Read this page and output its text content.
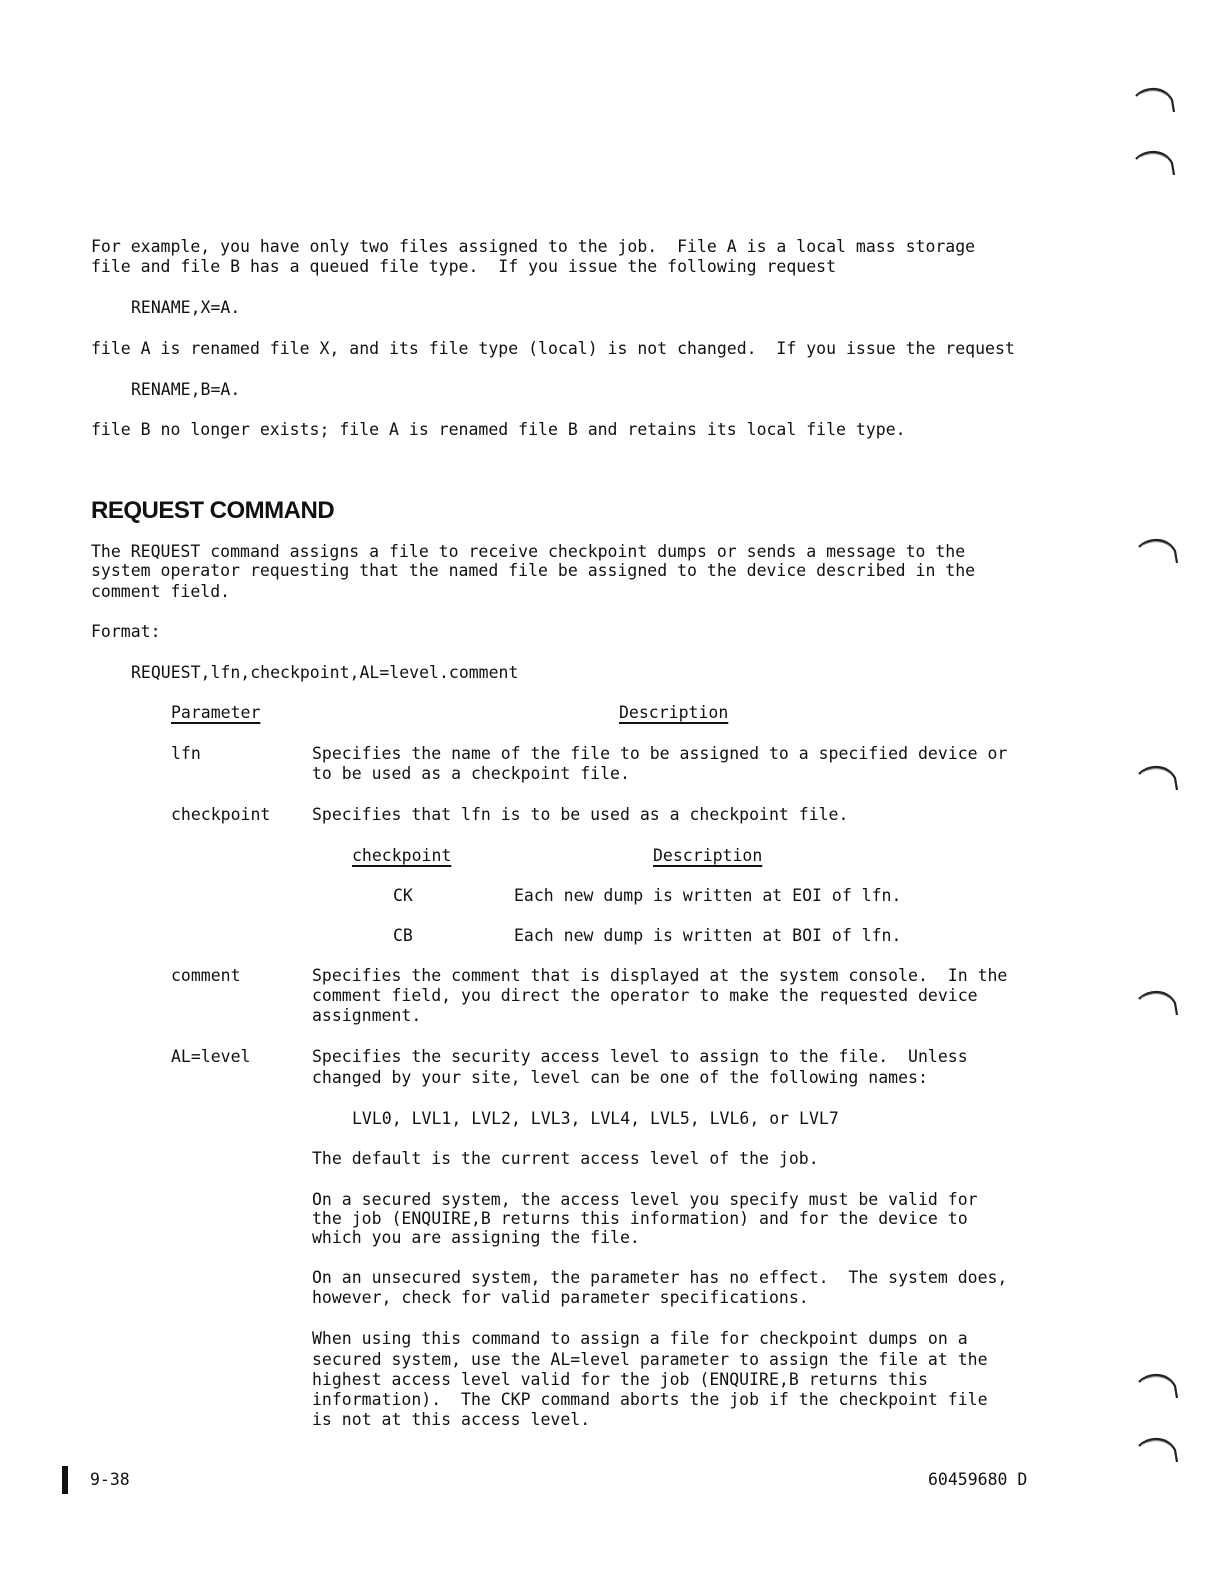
For example, you have only two files assigned to the job.  File A is a local mass storage

file and file B has a queued file type.  If you issue the following request

RENAME,X=A.

file A is renamed file X, and its file type (local) is not changed.  If you issue the request

RENAME,B=A.

file B no longer exists; file A is renamed file B and retains its local file type.

REQUEST COMMAND

The REQUEST command assigns a file to receive checkpoint dumps or sends a message to the

system operator requesting that the named file be assigned to the device described in the

comment field.

Format:

REQUEST,lfn,checkpoint,AL=level.comment

Parameter	Description

lfn	Specifies the name of the file to be assigned to a specified device or

to be used as a checkpoint file.

checkpoint	Specifies that lfn is to be used as a checkpoint file.

checkpoint	Description

CK	Each new dump is written at EOI of lfn.

CB	Each new dump is written at BOI of lfn.

comment	Specifies the comment that is displayed at the system console.  In the

comment field, you direct the operator to make the requested device

assignment.

AL=level	Specifies the security access level to assign to the file.  Unless

changed by your site, level can be one of the following names:

LVL0, LVL1, LVL2, LVL3, LVL4, LVL5, LVL6, or LVL7

The default is the current access level of the job.

On a secured system, the access level you specify must be valid for

the job (ENQUIRE,B returns this information) and for the device to

which you are assigning the file.

On an unsecured system, the parameter has no effect.  The system does,

however, check for valid parameter specifications.

When using this command to assign a file for checkpoint dumps on a

secured system, use the AL=level parameter to assign the file at the

highest access level valid for the job (ENQUIRE,B returns this

information).  The CKP command aborts the job if the checkpoint file

is not at this access level.

9-38	60459680 D
